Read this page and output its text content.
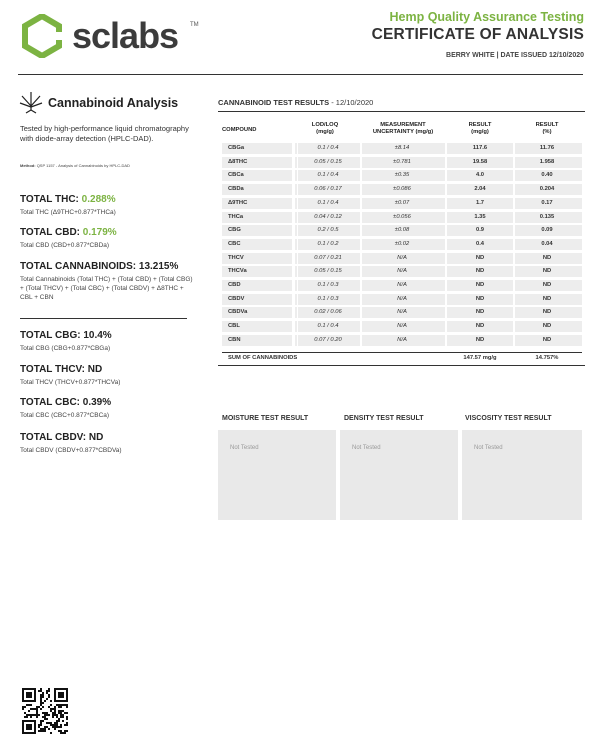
sclabs TM
Hemp Quality Assurance Testing
CERTIFICATE OF ANALYSIS
BERRY WHITE | DATE ISSUED 12/10/2020
Cannabinoid Analysis
Tested by high-performance liquid chromatography with diode-array detection (HPLC-DAD).
Method: QSP 1157 - Analysis of Cannabinoids by HPLC-DAD
TOTAL THC: 0.288%
Total THC (Δ9THC+0.877*THCa)
TOTAL CBD: 0.179%
Total CBD (CBD+0.877*CBDa)
TOTAL CANNABINOIDS: 13.215%
Total Cannabinoids (Total THC) + (Total CBD) + (Total CBG) + (Total THCV) + (Total CBC) + (Total CBDV) + Δ8THC + CBL + CBN
TOTAL CBG: 10.4%
Total CBG (CBG+0.877*CBGa)
TOTAL THCV: ND
Total THCV (THCV+0.877*THCVa)
TOTAL CBC: 0.39%
Total CBC (CBC+0.877*CBCa)
TOTAL CBDV: ND
Total CBDV (CBDV+0.877*CBDVa)
CANNABINOID TEST RESULTS - 12/10/2020
COMPOUND
LOD/LOQ
(mg/g)
MEASUREMENT
UNCERTAINTY (mg/g)
RESULT
(mg/g)
RESULT
(%)
CBGa	0.1 / 0.4	±8.14	117.6	11.76
Δ8THC	0.05 / 0.15	±0.781	19.58	1.958
CBCa	0.1 / 0.4	±0.35	4.0	0.40
CBDa	0.06 / 0.17	±0.086	2.04	0.204
Δ9THC	0.1 / 0.4	±0.07	1.7	0.17
THCa	0.04 / 0.12	±0.056	1.35	0.135
CBG	0.2 / 0.5	±0.08	0.9	0.09
CBC	0.1 / 0.2	±0.02	0.4	0.04
THCV	0.07 / 0.21	N/A	ND	ND
THCVa	0.05 / 0.15	N/A	ND	ND
CBD	0.1 / 0.3	N/A	ND	ND
CBDV	0.1 / 0.3	N/A	ND	ND
CBDVa	0.02 / 0.06	N/A	ND	ND
CBL	0.1 / 0.4	N/A	ND	ND
CBN	0.07 / 0.20	N/A	ND	ND
SUM OF CANNABINOIDS	147.57 mg/g	14.757%
MOISTURE TEST RESULT	DENSITY TEST RESULT	VISCOSITY TEST RESULT
Not Tested	Not Tested	Not Tested
